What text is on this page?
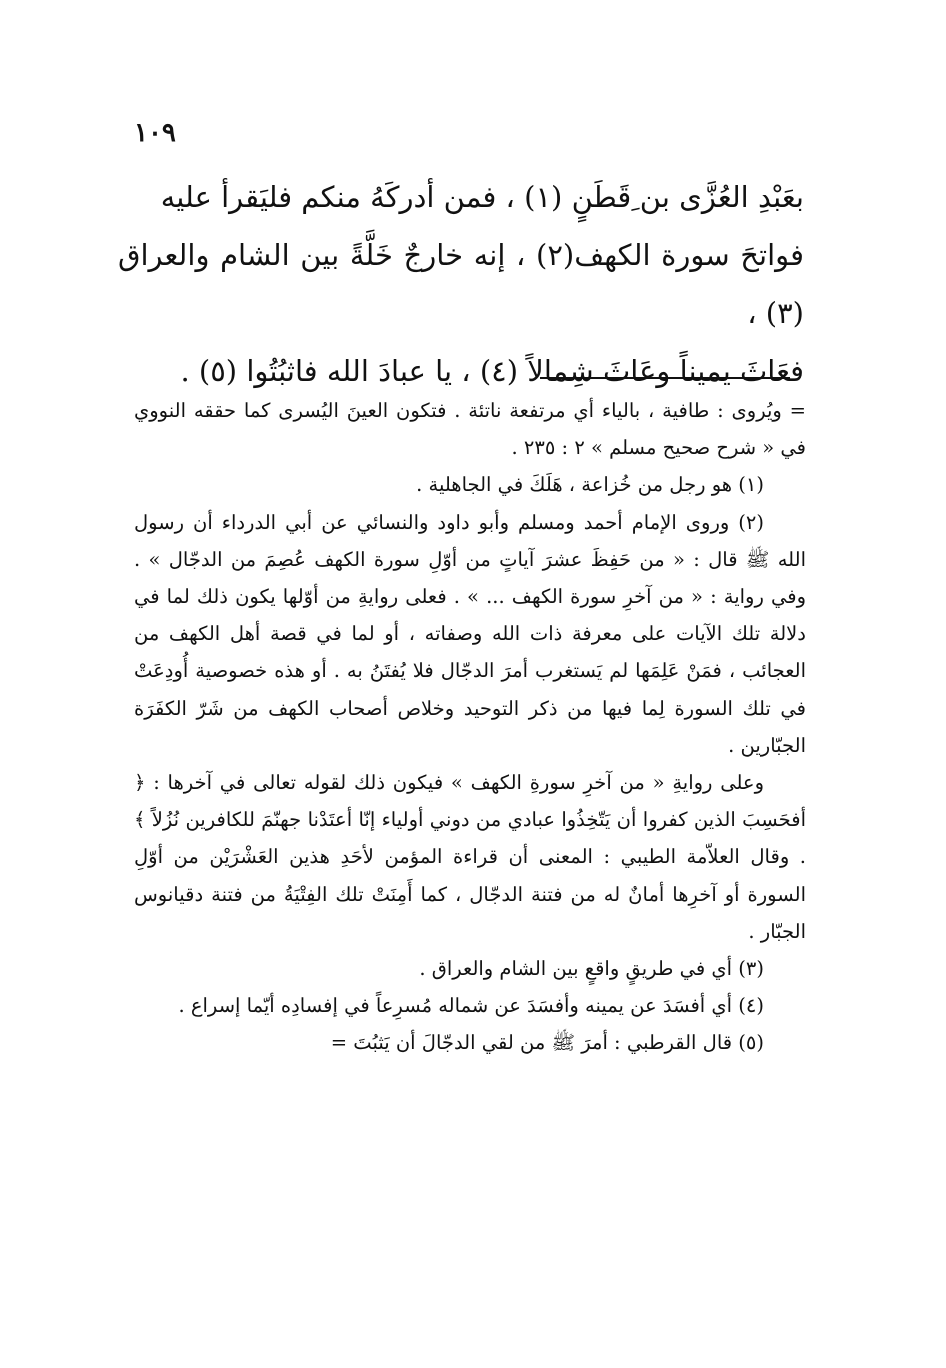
١٠٩

بعَبْدِ العُزَّى بن ِقَطَنٍ (١) ، فمن أدركَهُ منكم فليَقرأ عليه

فواتحَ سورة الكهف(٢) ، إنه خارجٌ خَلَّةً بين الشام والعراق (٣) ،

فعَاثَ يميناً وعَاثَ شِمالاً (٤) ، يا عبادَ الله فاثبُتُوا (٥) .

= ويُروى : طافية ، بالياء أي مرتفعة ناتئة . فتكون العينَ اليُسرى كما حققه النووي في « شرح صحيح مسلم » ٢ : ٢٣٥ .

(١) هو رجل من خُزاعة ، هَلَكَ في الجاهلية .

(٢) وروى الإمام أحمد ومسلم وأبو داود والنسائي عن أبي الدرداء أن رسول الله ﷺ قال : « من حَفِظَ عشرَ آياتٍ من أوّلِ سورة الكهف عُصِمَ من الدجّال » . وفي رواية : « من آخرِ سورة الكهف ... » . فعلى روايةِ من أوّلها يكون ذلك لما في دلالة تلك الآيات على معرفة ذات الله وصفاته ، أو لما في قصة أهل الكهف من العجائب ، فمَنْ عَلِمَها لم يَستغرب أمرَ الدجّال فلا يُفتَنُ به . أو هذه خصوصية أُودِعَتْ في تلك السورة لِما فيها من ذكر التوحيد وخلاص أصحاب الكهف من شَرّ الكفَرَة الجبّارين .

وعلى روايةِ « من آخرِ سورةِ الكهف » فيكون ذلك لقوله تعالى في آخرها : ﴿ أفحَسِبَ الذين كفروا أن يَتّخِذُوا عبادي من دوني أولياء إنّا أعتَدْنا جهنّمَ للكافرين نُزُلاً ﴾ . وقال العلاّمة الطيبي : المعنى أن قراءة المؤمن لأحَدِ هذين العَشْرَيْن من أوّلِ السورة أو آخرِها أمانٌ له من فتنة الدجّال ، كما أَمِنَتْ تلك الفِتْيَةُ من فتنة دقيانوس الجبّار .

(٣) أي في طريقٍ واقعٍ بين الشام والعراق .

(٤) أي أفسَدَ عن يمينه وأفسَدَ عن شماله مُسرِعاً في إفسادِه أيّما إسراع .

(٥) قال القرطبي : أمرَ ﷺ من لقي الدجّالَ أن يَثبُتَ =
